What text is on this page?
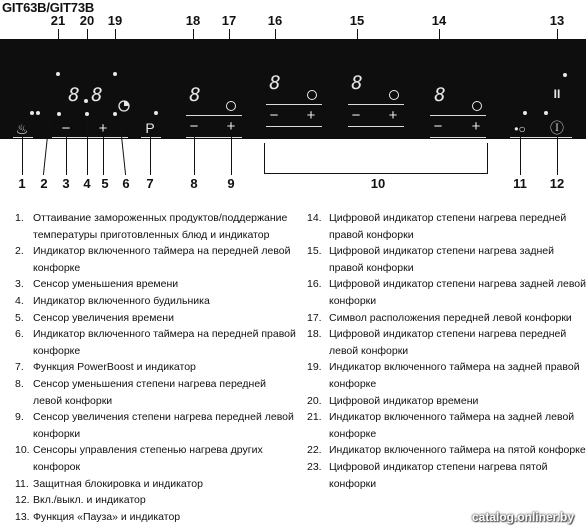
GIT63B/GIT73B
21 20 19	18 17 16	15	14	13
8 8
− +
♨	P
8
− +
8
− +
8
− +
8
− +
II
•○ Ⓘ
1 2 3 4 5 6 7	8 9	10	11 12
1. Оттаивание замороженных продуктов/поддержание температуры приготовленных блюд и индикатор
2. Индикатор включенного таймера на передней левой конфорке
3. Сенсор уменьшения времени
4. Индикатор включенного будильника
5. Сенсор увеличения времени
6. Индикатор включенного таймера на передней правой конфорке
7. Функция PowerBoost и индикатор
8. Сенсор уменьшения степени нагрева передней левой конфорки
9. Сенсор увеличения степени нагрева передней левой конфорки
10. Сенсоры управления степенью нагрева других конфорок
11. Защитная блокировка и индикатор
12. Вкл./выкл. и индикатор
13. Функция «Пауза» и индикатор
14. Цифровой индикатор степени нагрева передней правой конфорки
15. Цифровой индикатор степени нагрева задней правой конфорки
16. Цифровой индикатор степени нагрева задней левой конфорки
17. Символ расположения передней левой конфорки
18. Цифровой индикатор степени нагрева передней левой конфорки
19. Индикатор включенного таймера на задней правой конфорке
20. Цифровой индикатор времени
21. Индикатор включенного таймера на задней левой конфорке
22. Индикатор включенного таймера на пятой конфорке
23. Цифровой индикатор степени нагрева пятой конфорки
catalog.onliner.by
